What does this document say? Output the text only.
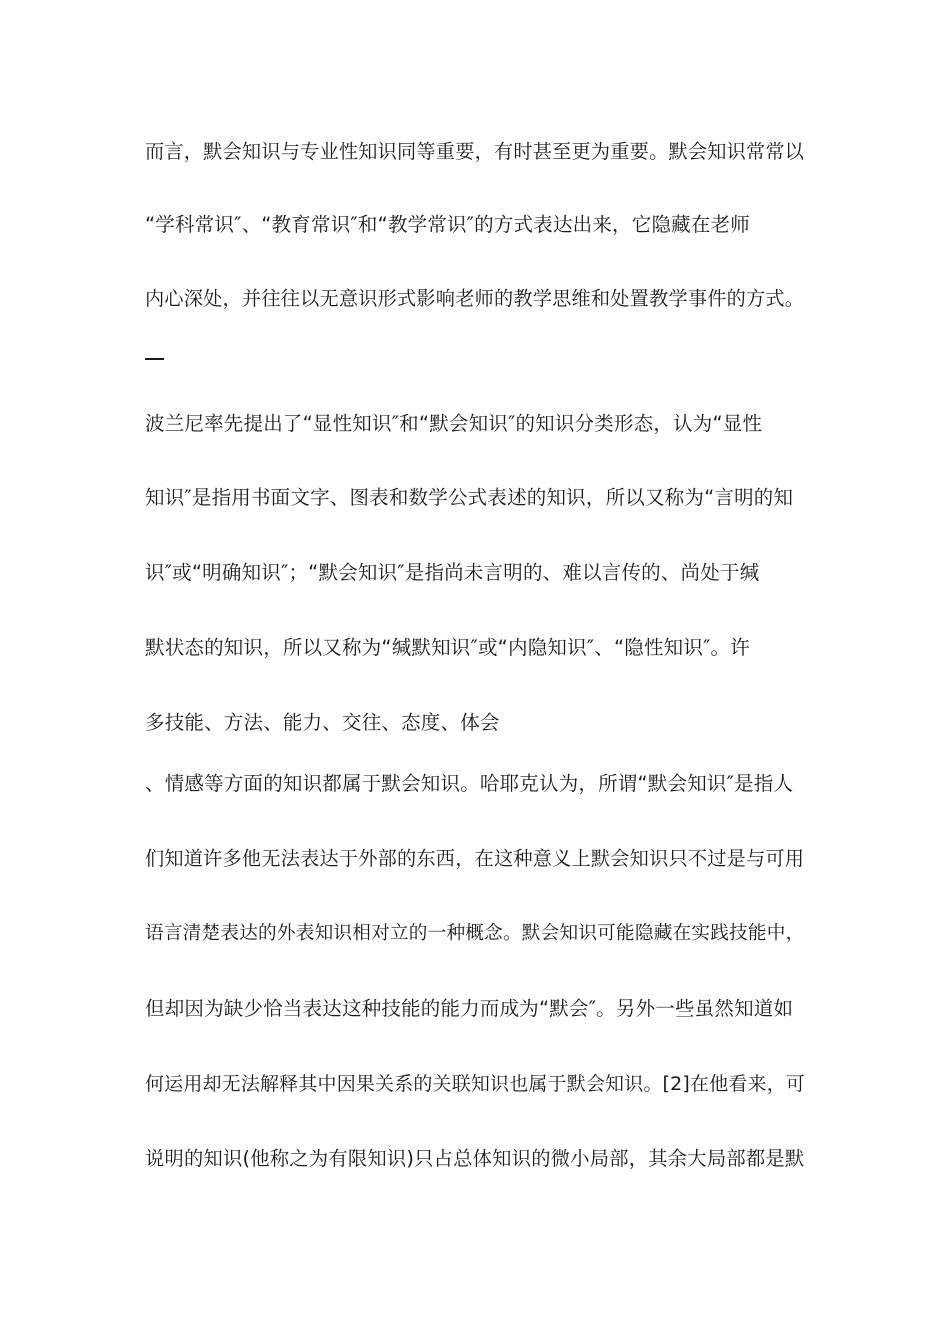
而言，默会知识与专业性知识同等重要，有时甚至更为重要。默会知识常常以
“学科常识″、“教育常识″和“教学常识″的方式表达出来，它隐藏在老师
内心深处，并往往以无意识形式影响老师的教学思维和处置教学事件的方式。
波兰尼率先提出了“显性知识″和“默会知识″的知识分类形态，认为“显性
知识″是指用书面文字、图表和数学公式表述的知识，所以又称为“言明的知
识″或“明确知识″；“默会知识″是指尚未言明的、难以言传的、尚处于缄
默状态的知识，所以又称为“缄默知识″或“内隐知识″、“隐性知识″。许
多技能、方法、能力、交往、态度、体会
、情感等方面的知识都属于默会知识。哈耶克认为，所谓“默会知识″是指人
们知道许多他无法表达于外部的东西，在这种意义上默会知识只不过是与可用
语言清楚表达的外表知识相对立的一种概念。默会知识可能隐藏在实践技能中，
但却因为缺少恰当表达这种技能的能力而成为“默会″。另外一些虽然知道如
何运用却无法解释其中因果关系的关联知识也属于默会知识。[2]在他看来，可
说明的知识(他称之为有限知识)只占总体知识的微小局部，其余大局部都是默
